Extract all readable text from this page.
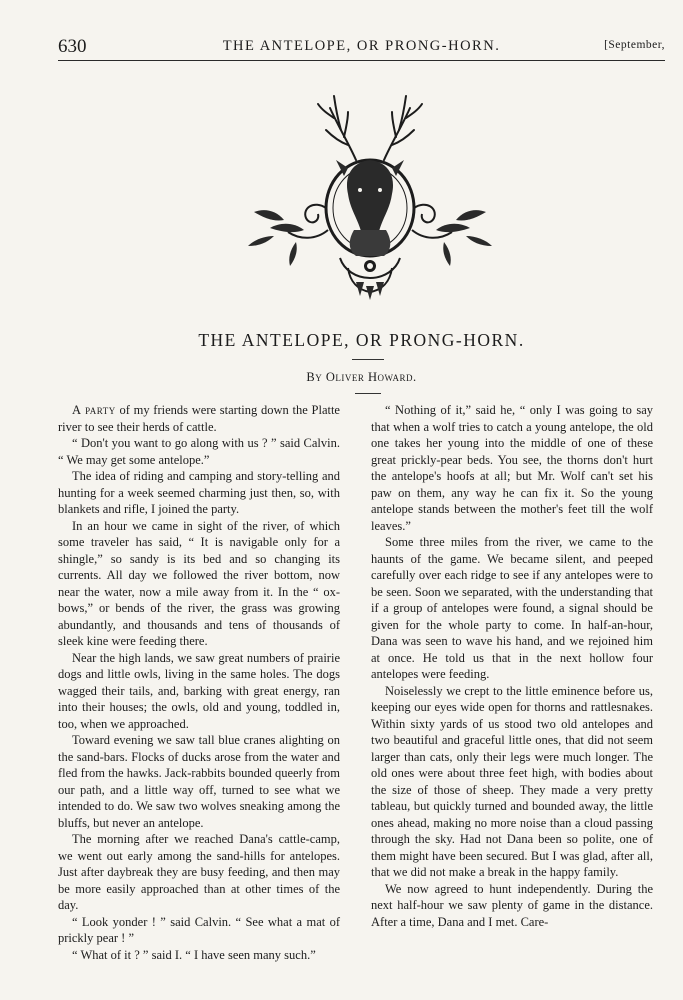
630	THE ANTELOPE, OR PRONG-HORN.	[September,
THE ANTELOPE, OR PRONG-HORN.
By Oliver Howard.

A party of my friends were starting down the Platte river to see their herds of cattle.

“ Don't you want to go along with us ? ” said Calvin. “ We may get some antelope.”

The idea of riding and camping and story-telling and hunting for a week seemed charming just then, so, with blankets and rifle, I joined the party.

In an hour we came in sight of the river, of which some traveler has said, “ It is navigable only for a shingle,” so sandy is its bed and so changing its currents. All day we followed the river bottom, now near the water, now a mile away from it. In the “ ox-bows,” or bends of the river, the grass was growing abundantly, and thousands and tens of thousands of sleek kine were feeding there.

Near the high lands, we saw great numbers of prairie dogs and little owls, living in the same holes. The dogs wagged their tails, and, barking with great energy, ran into their houses; the owls, old and young, toddled in, too, when we approached.

Toward evening we saw tall blue cranes alighting on the sand-bars. Flocks of ducks arose from the water and fled from the hawks. Jack-rabbits bounded queerly from our path, and a little way off, turned to see what we intended to do. We saw two wolves sneaking among the bluffs, but never an antelope.

The morning after we reached Dana's cattle-camp, we went out early among the sand-hills for antelopes. Just after daybreak they are busy feeding, and then may be more easily approached than at other times of the day.

“ Look yonder ! ” said Calvin. “ See what a mat of prickly pear ! ”

“ What of it ? ” said I. “ I have seen many such.”

“ Nothing of it,” said he, “ only I was going to say that when a wolf tries to catch a young antelope, the old one takes her young into the middle of one of these great prickly-pear beds. You see, the thorns don't hurt the antelope's hoofs at all; but Mr. Wolf can't set his paw on them, any way he can fix it. So the young antelope stands between the mother's feet till the wolf leaves.”

Some three miles from the river, we came to the haunts of the game. We became silent, and peeped carefully over each ridge to see if any antelopes were to be seen. Soon we separated, with the understanding that if a group of antelopes were found, a signal should be given for the whole party to come. In half-an-hour, Dana was seen to wave his hand, and we rejoined him at once. He told us that in the next hollow four antelopes were feeding.

Noiselessly we crept to the little eminence before us, keeping our eyes wide open for thorns and rattlesnakes. Within sixty yards of us stood two old antelopes and two beautiful and graceful little ones, that did not seem larger than cats, only their legs were much longer. The old ones were about three feet high, with bodies about the size of those of sheep. They made a very pretty tableau, but quickly turned and bounded away, the little ones ahead, making no more noise than a cloud passing through the sky. Had not Dana been so polite, one of them might have been secured. But I was glad, after all, that we did not make a break in the happy family.

We now agreed to hunt independently. During the next half-hour we saw plenty of game in the distance. After a time, Dana and I met. Care-
